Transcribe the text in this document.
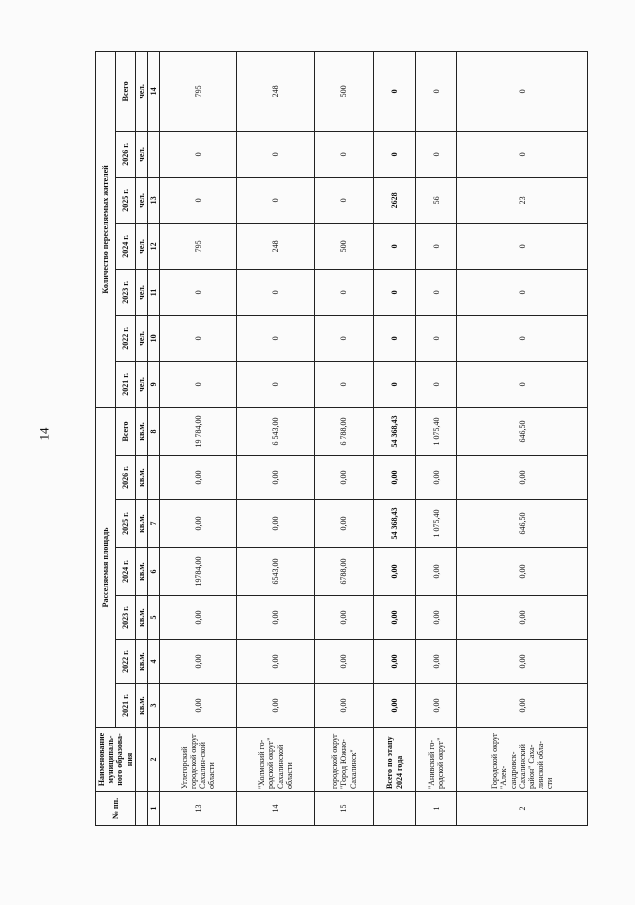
14
№ пп.	Наименование муниципаль-ного образова-ния	Расселяемая площадь							Количество переселяемых жителей						
		2021 г.	2022 г.	2023 г.	2024 г.	2025 г.	2026 г.	Всего	2021 г.	2022 г.	2023 г.	2024 г.	2025 г.	2026 г.	Всего
		кв.м.	кв.м.	кв.м.	кв.м.	кв.м.	кв.м.	кв.м.	чел.	чел.	чел.	чел.	чел.	чел.	чел.
1	2	3	4	5	6	7		8	9	10	11	12	13		14
13	Углегорский городской округ Сахалин-ской области	0,00	0,00	0,00	19784,00	0,00	0,00	19 784,00	0	0	0	795	0	0	795
14	"Холмский го-родской округ" Сахалинской области	0,00	0,00	0,00	6543,00	0,00	0,00	6 543,00	0	0	0	248	0	0	248
15	городской округ "Город Южно-Сахалинск"	0,00	0,00	0,00	6788,00	0,00	0,00	6 788,00	0	0	0	500	0	0	500
	Всего по этапу 2024 года	0,00	0,00	0,00	0,00	54 368,43	0,00	54 368,43	0	0	0	0	2628	0	0
1	"Анивский го-родской округ"	0,00	0,00	0,00	0,00	1 075,40	0,00	1 075,40	0	0	0	0	56	0	0
2	Городской округ "Алек-сандровск-Сахалинский район" Саха-линской обла-сти	0,00	0,00	0,00	0,00	646,50	0,00	646,50	0	0	0	0	23	0	0
